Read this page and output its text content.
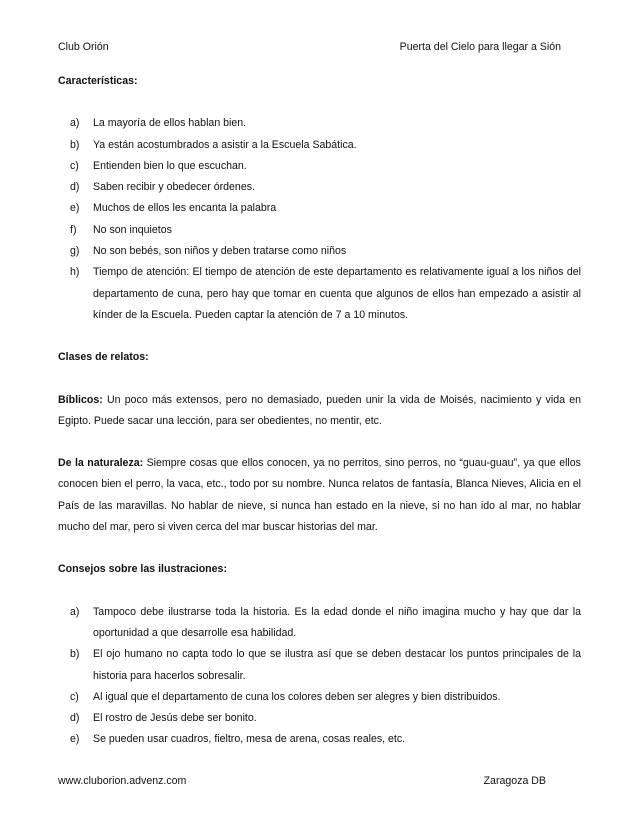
Club Orión	Puerta del Cielo para llegar a Sión

Características:

a) La mayoría de ellos hablan bien.
b) Ya están acostumbrados a asistir a la Escuela Sabática.
c) Entienden bien lo que escuchan.
d) Saben recibir y obedecer órdenes.
e) Muchos de ellos les encanta la palabra
f) No son inquietos
g) No son bebés, son niños y deben tratarse como niños
h) Tiempo de atención: El tiempo de atención de este departamento es relativamente igual a los niños del departamento de cuna, pero hay que tomar en cuenta que algunos de ellos han empezado a asistir al kínder de la Escuela. Pueden captar la atención de 7 a 10 minutos.

Clases de relatos:

Bíblicos: Un poco más extensos, pero no demasiado, pueden unir la vida de Moisés, nacimiento y vida en Egipto. Puede sacar una lección, para ser obedientes, no mentir, etc.

De la naturaleza: Siempre cosas que ellos conocen, ya no perritos, sino perros, no “guau-guau”, ya que ellos conocen bien el perro, la vaca, etc., todo por su nombre. Nunca relatos de fantasía, Blanca Nieves, Alicia en el País de las maravillas. No hablar de nieve, si nunca han estado en la nieve, si no han ido al mar, no hablar mucho del mar, pero si viven cerca del mar buscar historias del mar.

Consejos sobre las ilustraciones:

a) Tampoco debe ilustrarse toda la historia. Es la edad donde el niño imagina mucho y hay que dar la oportunidad a que desarrolle esa habilidad.
b) El ojo humano no capta todo lo que se ilustra así que se deben destacar los puntos principales de la historia para hacerlos sobresalir.
c) Al igual que el departamento de cuna los colores deben ser alegres y bien distribuidos.
d) El rostro de Jesús debe ser bonito.
e) Se pueden usar cuadros, fieltro, mesa de arena, cosas reales, etc.
www.cluborion.advenz.com	Zaragoza DB
